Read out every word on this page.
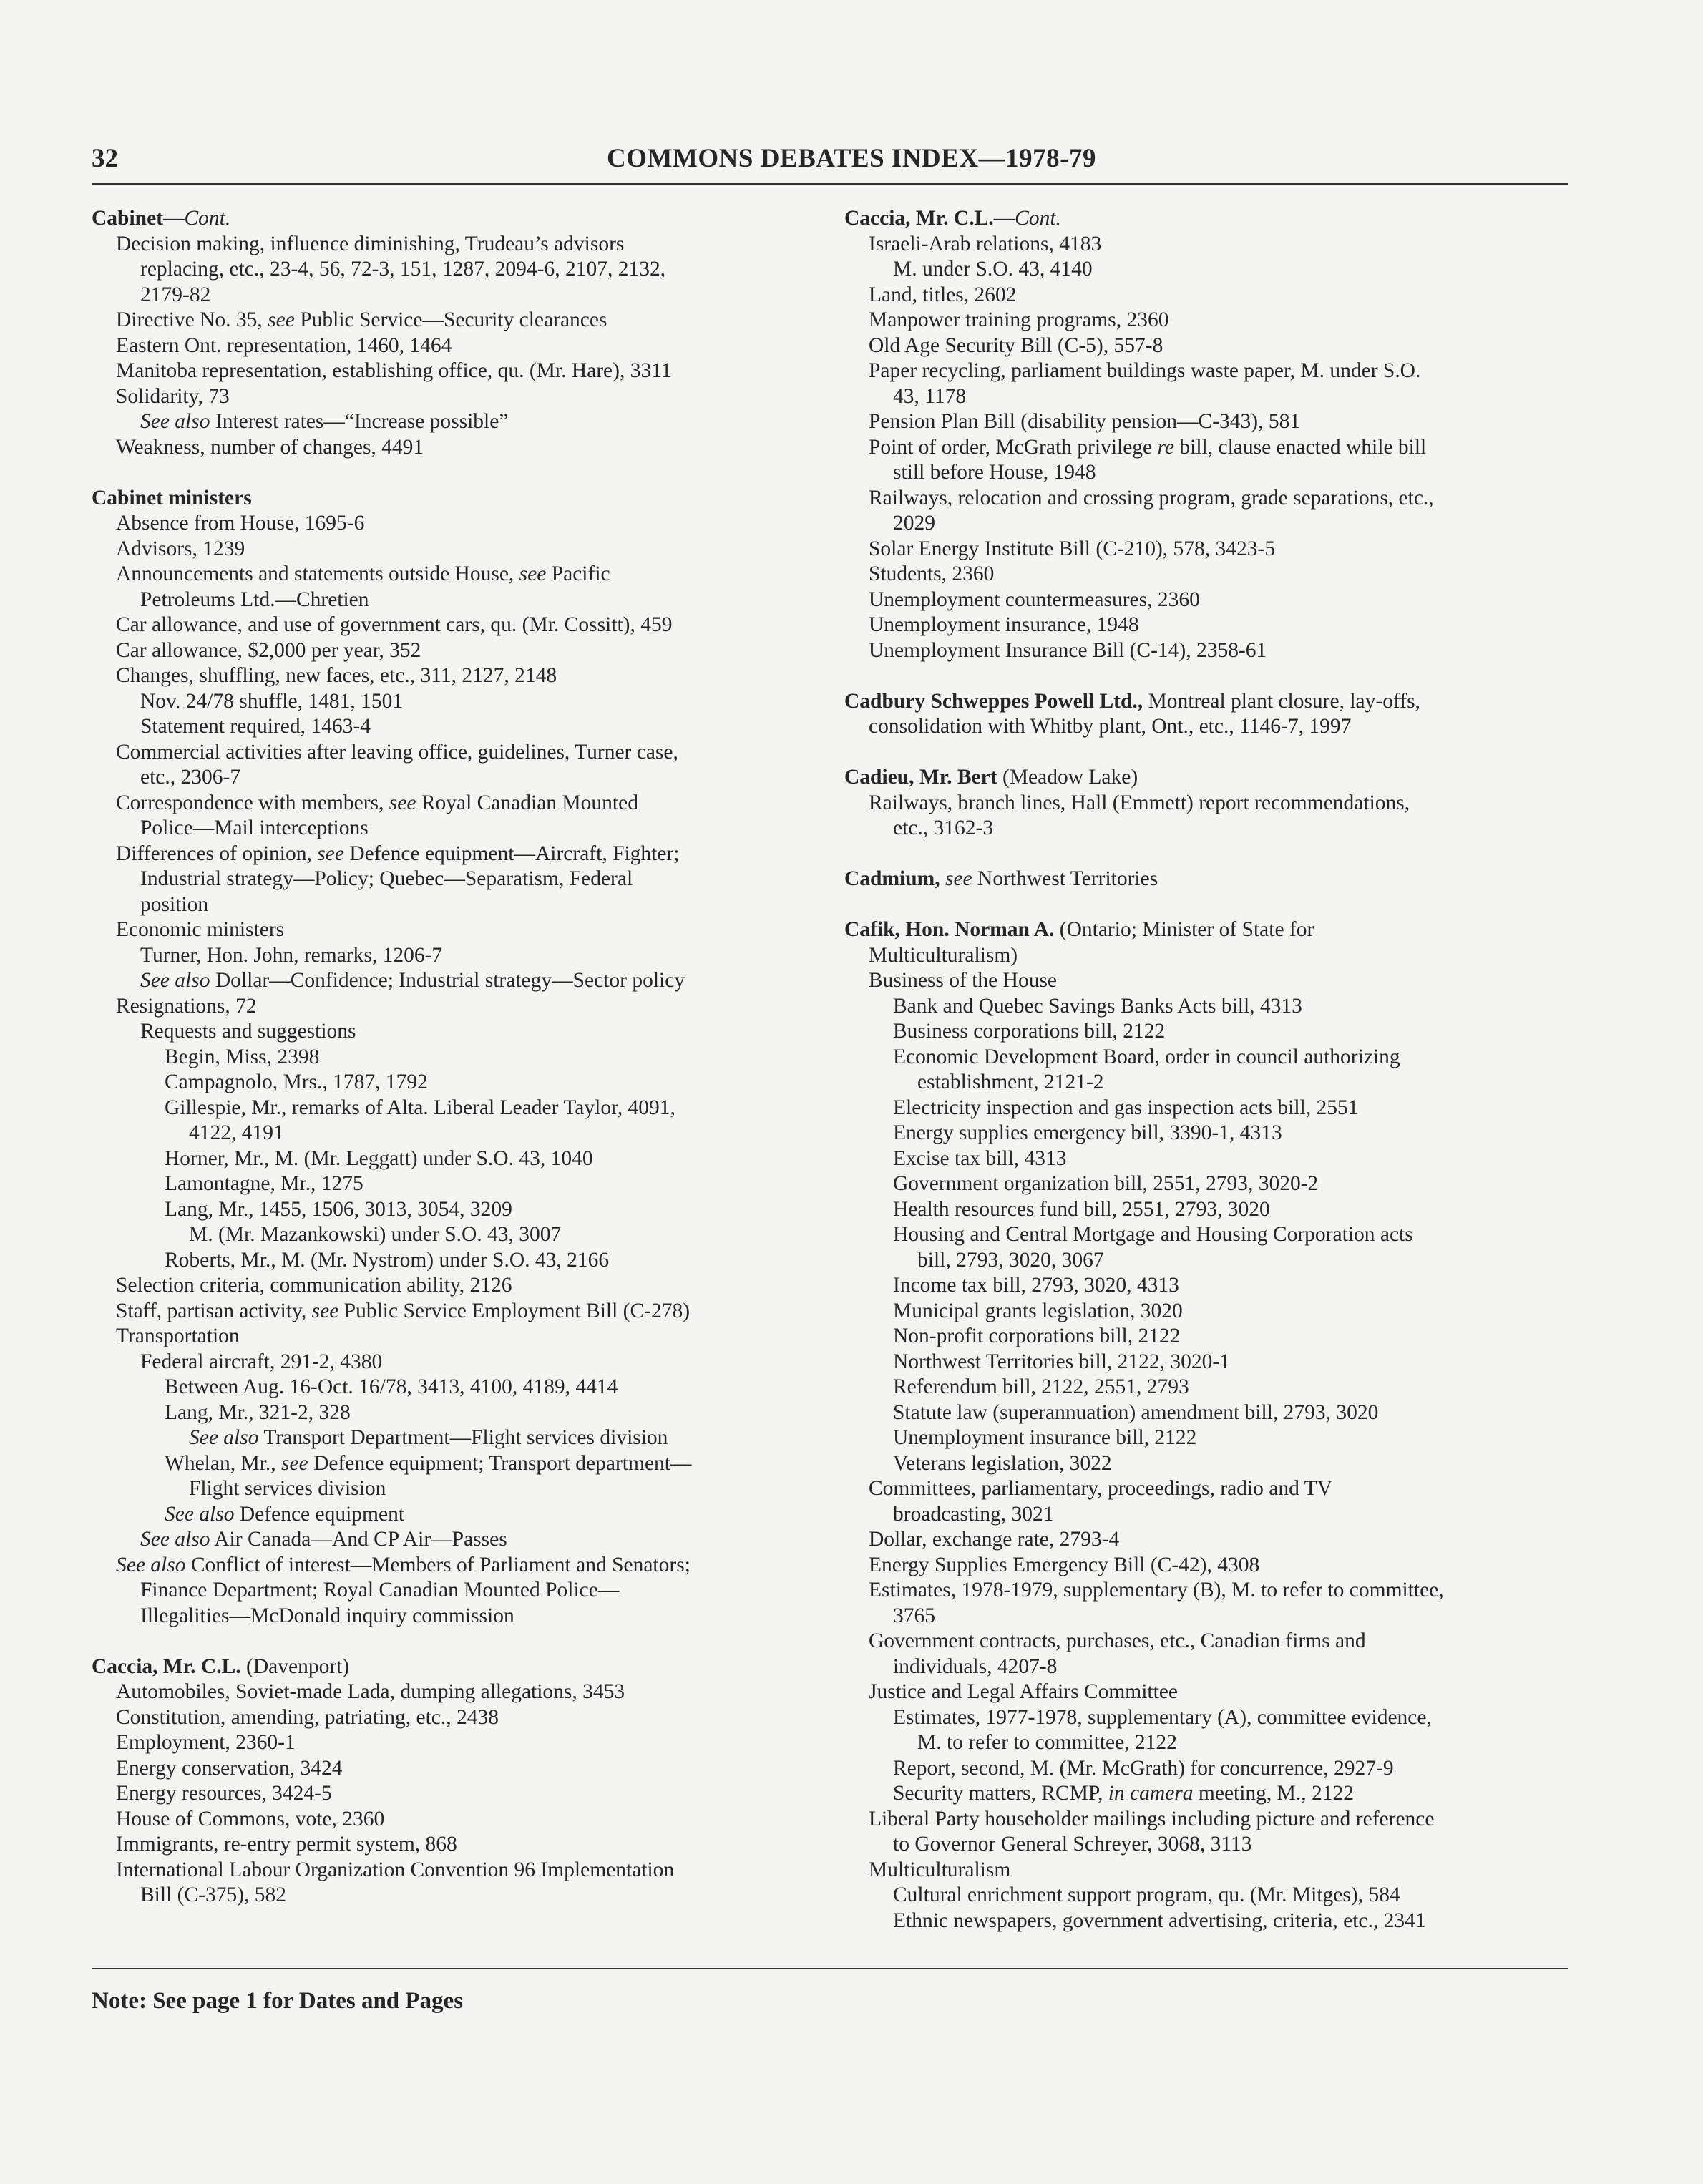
32	COMMONS DEBATES INDEX—1978-79
Cabinet—Cont.
Decision making, influence diminishing, Trudeau’s advisors
replacing, etc., 23-4, 56, 72-3, 151, 1287, 2094-6, 2107, 2132,
2179-82
Directive No. 35, see Public Service—Security clearances
Eastern Ont. representation, 1460, 1464
Manitoba representation, establishing office, qu. (Mr. Hare), 3311
Solidarity, 73
See also Interest rates—“Increase possible”
Weakness, number of changes, 4491
Cabinet ministers
Absence from House, 1695-6
Advisors, 1239
Announcements and statements outside House, see Pacific
Petroleums Ltd.—Chretien
Car allowance, and use of government cars, qu. (Mr. Cossitt), 459
Car allowance, $2,000 per year, 352
Changes, shuffling, new faces, etc., 311, 2127, 2148
Nov. 24/78 shuffle, 1481, 1501
Statement required, 1463-4
Commercial activities after leaving office, guidelines, Turner case,
etc., 2306-7
Correspondence with members, see Royal Canadian Mounted
Police—Mail interceptions
Differences of opinion, see Defence equipment—Aircraft, Fighter;
Industrial strategy—Policy; Quebec—Separatism, Federal
position
Economic ministers
Turner, Hon. John, remarks, 1206-7
See also Dollar—Confidence; Industrial strategy—Sector policy
Resignations, 72
Requests and suggestions
Begin, Miss, 2398
Campagnolo, Mrs., 1787, 1792
Gillespie, Mr., remarks of Alta. Liberal Leader Taylor, 4091,
4122, 4191
Horner, Mr., M. (Mr. Leggatt) under S.O. 43, 1040
Lamontagne, Mr., 1275
Lang, Mr., 1455, 1506, 3013, 3054, 3209
M. (Mr. Mazankowski) under S.O. 43, 3007
Roberts, Mr., M. (Mr. Nystrom) under S.O. 43, 2166
Selection criteria, communication ability, 2126
Staff, partisan activity, see Public Service Employment Bill (C-278)
Transportation
Federal aircraft, 291-2, 4380
Between Aug. 16-Oct. 16/78, 3413, 4100, 4189, 4414
Lang, Mr., 321-2, 328
See also Transport Department—Flight services division
Whelan, Mr., see Defence equipment; Transport department—
Flight services division
See also Defence equipment
See also Air Canada—And CP Air—Passes
See also Conflict of interest—Members of Parliament and Senators;
Finance Department; Royal Canadian Mounted Police—
Illegalities—McDonald inquiry commission
Caccia, Mr. C.L. (Davenport)
Automobiles, Soviet-made Lada, dumping allegations, 3453
Constitution, amending, patriating, etc., 2438
Employment, 2360-1
Energy conservation, 3424
Energy resources, 3424-5
House of Commons, vote, 2360
Immigrants, re-entry permit system, 868
International Labour Organization Convention 96 Implementation
Bill (C-375), 582
Caccia, Mr. C.L.—Cont.
Israeli-Arab relations, 4183
M. under S.O. 43, 4140
Land, titles, 2602
Manpower training programs, 2360
Old Age Security Bill (C-5), 557-8
Paper recycling, parliament buildings waste paper, M. under S.O.
43, 1178
Pension Plan Bill (disability pension—C-343), 581
Point of order, McGrath privilege re bill, clause enacted while bill
still before House, 1948
Railways, relocation and crossing program, grade separations, etc.,
2029
Solar Energy Institute Bill (C-210), 578, 3423-5
Students, 2360
Unemployment countermeasures, 2360
Unemployment insurance, 1948
Unemployment Insurance Bill (C-14), 2358-61
Cadbury Schweppes Powell Ltd., Montreal plant closure, lay-offs,
consolidation with Whitby plant, Ont., etc., 1146-7, 1997
Cadieu, Mr. Bert (Meadow Lake)
Railways, branch lines, Hall (Emmett) report recommendations,
etc., 3162-3
Cadmium, see Northwest Territories
Cafik, Hon. Norman A. (Ontario; Minister of State for
Multiculturalism)
Business of the House
Bank and Quebec Savings Banks Acts bill, 4313
Business corporations bill, 2122
Economic Development Board, order in council authorizing
establishment, 2121-2
Electricity inspection and gas inspection acts bill, 2551
Energy supplies emergency bill, 3390-1, 4313
Excise tax bill, 4313
Government organization bill, 2551, 2793, 3020-2
Health resources fund bill, 2551, 2793, 3020
Housing and Central Mortgage and Housing Corporation acts
bill, 2793, 3020, 3067
Income tax bill, 2793, 3020, 4313
Municipal grants legislation, 3020
Non-profit corporations bill, 2122
Northwest Territories bill, 2122, 3020-1
Referendum bill, 2122, 2551, 2793
Statute law (superannuation) amendment bill, 2793, 3020
Unemployment insurance bill, 2122
Veterans legislation, 3022
Committees, parliamentary, proceedings, radio and TV
broadcasting, 3021
Dollar, exchange rate, 2793-4
Energy Supplies Emergency Bill (C-42), 4308
Estimates, 1978-1979, supplementary (B), M. to refer to committee,
3765
Government contracts, purchases, etc., Canadian firms and
individuals, 4207-8
Justice and Legal Affairs Committee
Estimates, 1977-1978, supplementary (A), committee evidence,
M. to refer to committee, 2122
Report, second, M. (Mr. McGrath) for concurrence, 2927-9
Security matters, RCMP, in camera meeting, M., 2122
Liberal Party householder mailings including picture and reference
to Governor General Schreyer, 3068, 3113
Multiculturalism
Cultural enrichment support program, qu. (Mr. Mitges), 584
Ethnic newspapers, government advertising, criteria, etc., 2341
Note: See page 1 for Dates and Pages
